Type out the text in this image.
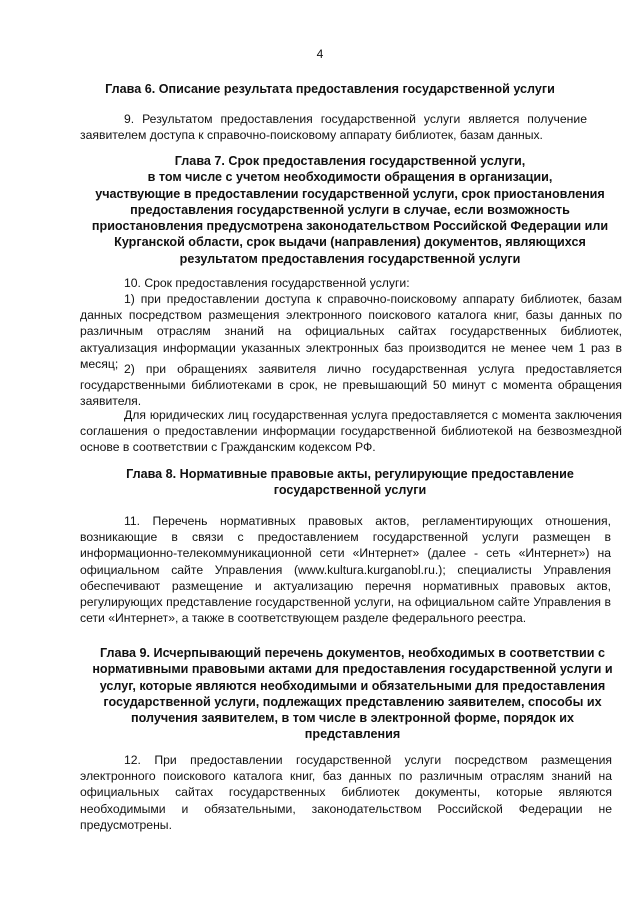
4
Глава 6. Описание результата предоставления государственной услуги
9. Результатом предоставления государственной услуги является получение заявителем доступа к справочно-поисковому аппарату библиотек, базам данных.
Глава 7. Срок предоставления государственной услуги,
в том числе с учетом необходимости обращения в организации,
участвующие в предоставлении государственной услуги, срок приостановления
предоставления государственной услуги в случае, если возможность
приостановления предусмотрена законодательством Российской Федерации или
Курганской области, срок выдачи (направления) документов, являющихся
результатом предоставления государственной услуги
10. Срок предоставления государственной услуги:
1) при предоставлении доступа к справочно-поисковому аппарату библиотек, базам данных посредством размещения электронного поискового каталога книг, базы данных по различным отраслям знаний на официальных сайтах государственных библиотек, актуализация информации указанных электронных баз производится не менее чем 1 раз в месяц; 2) при обращениях заявителя лично государственная услуга предоставляется государственными библиотеками в срок, не превышающий 50 минут с момента обращения заявителя.
Для юридических лиц государственная услуга предоставляется с момента заключения соглашения о предоставлении информации государственной библиотекой на безвозмездной основе в соответствии с Гражданским кодексом РФ.
Глава 8. Нормативные правовые акты, регулирующие предоставление
государственной услуги
11. Перечень нормативных правовых актов, регламентирующих отношения, возникающие в связи с предоставлением государственной услуги размещен в информационно-телекоммуникационной сети «Интернет» (далее - сеть «Интернет») на официальном сайте Управления (www.kultura.kurganobl.ru.); специалисты Управления обеспечивают размещение и актуализацию перечня нормативных правовых актов, регулирующих представление государственной услуги, на официальном сайте Управления в сети «Интернет», а также в соответствующем разделе федерального реестра.
Глава 9. Исчерпывающий перечень документов, необходимых в соответствии с
нормативными правовыми актами для предоставления государственной услуги и
услуг, которые являются необходимыми и обязательными для предоставления
государственной услуги, подлежащих представлению заявителем, способы их
получения заявителем, в том числе в электронной форме, порядок их
представления
12. При предоставлении государственной услуги посредством размещения электронного поискового каталога книг, баз данных по различным отраслям знаний на официальных сайтах государственных библиотек документы, которые являются необходимыми и обязательными, законодательством Российской Федерации не предусмотрены.
